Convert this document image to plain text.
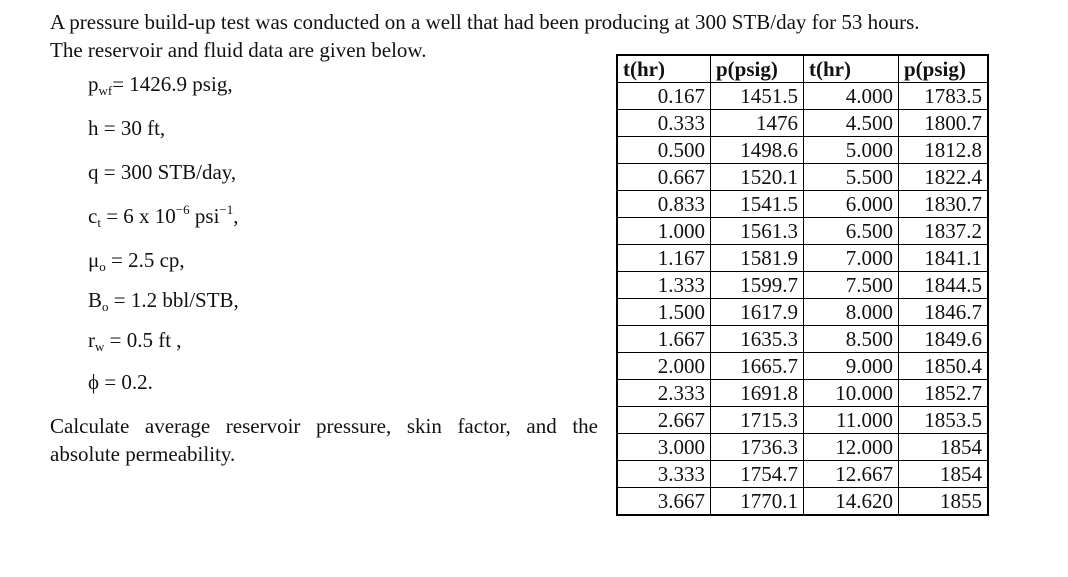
A pressure build-up test was conducted on a well that had been producing at 300 STB/day for 53 hours.
The reservoir and fluid data are given below.
pwf= 1426.9 psig,
h = 30 ft,
q = 300 STB/day,
ct = 6 x $10^{-6}$ psi$^{-1}$,
μo = 2.5 cp,
Bo = 1.2 bbl/STB,
rw = 0.5 ft ,
ϕ = 0.2.
Calculate average reservoir pressure, skin factor, and the absolute permeability.
t(hr)	p(psig)	t(hr)	p(psig)
0.167	1451.5	4.000	1783.5
0.333	1476	4.500	1800.7
0.500	1498.6	5.000	1812.8
0.667	1520.1	5.500	1822.4
0.833	1541.5	6.000	1830.7
1.000	1561.3	6.500	1837.2
1.167	1581.9	7.000	1841.1
1.333	1599.7	7.500	1844.5
1.500	1617.9	8.000	1846.7
1.667	1635.3	8.500	1849.6
2.000	1665.7	9.000	1850.4
2.333	1691.8	10.000	1852.7
2.667	1715.3	11.000	1853.5
3.000	1736.3	12.000	1854
3.333	1754.7	12.667	1854
3.667	1770.1	14.620	1855
